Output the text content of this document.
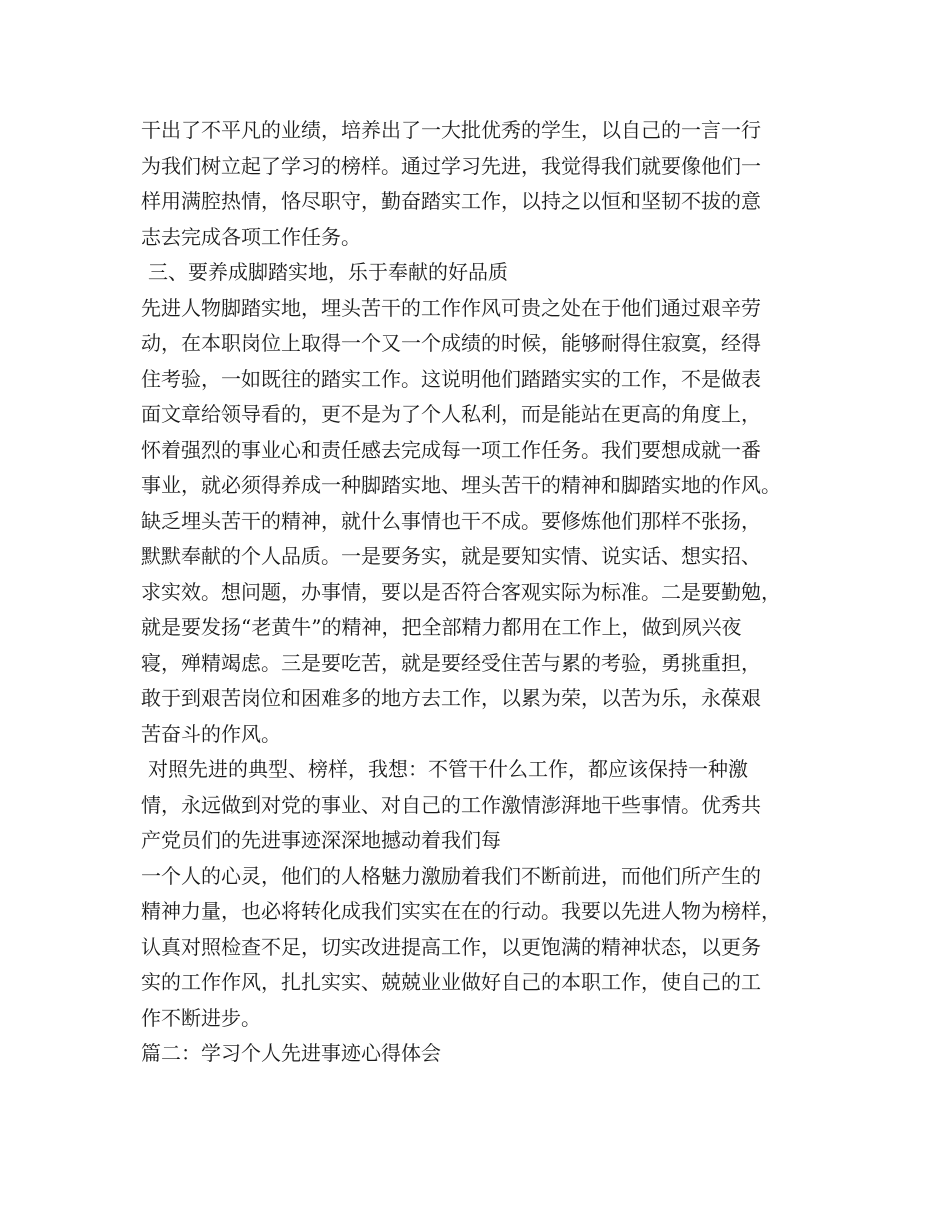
干出了不平凡的业绩，培养出了一大批优秀的学生，以自己的一言一行
为我们树立起了学习的榜样。通过学习先进，我觉得我们就要像他们一
样用满腔热情，恪尽职守，勤奋踏实工作，以持之以恒和坚韧不拔的意
志去完成各项工作任务。
三、要养成脚踏实地，乐于奉献的好品质
先进人物脚踏实地，埋头苦干的工作作风可贵之处在于他们通过艰辛劳
动，在本职岗位上取得一个又一个成绩的时候，能够耐得住寂寞，经得
住考验，一如既往的踏实工作。这说明他们踏踏实实的工作，不是做表
面文章给领导看的，更不是为了个人私利，而是能站在更高的角度上，
怀着强烈的事业心和责任感去完成每一项工作任务。我们要想成就一番
事业，就必须得养成一种脚踏实地、埋头苦干的精神和脚踏实地的作风。
缺乏埋头苦干的精神，就什么事情也干不成。要修炼他们那样不张扬，
默默奉献的个人品质。一是要务实，就是要知实情、说实话、想实招、
求实效。想问题，办事情，要以是否符合客观实际为标准。二是要勤勉，
就是要发扬“老黄牛”的精神，把全部精力都用在工作上，做到夙兴夜
寝，殚精竭虑。三是要吃苦，就是要经受住苦与累的考验，勇挑重担，
敢于到艰苦岗位和困难多的地方去工作，以累为荣，以苦为乐，永葆艰
苦奋斗的作风。
对照先进的典型、榜样，我想：不管干什么工作，都应该保持一种激
情，永远做到对党的事业、对自己的工作激情澎湃地干些事情。优秀共
产党员们的先进事迹深深地撼动着我们每
一个人的心灵，他们的人格魅力激励着我们不断前进，而他们所产生的
精神力量，也必将转化成我们实实在在的行动。我要以先进人物为榜样，
认真对照检查不足，切实改进提高工作，以更饱满的精神状态，以更务
实的工作作风，扎扎实实、兢兢业业做好自己的本职工作，使自己的工
作不断进步。
篇二：学习个人先进事迹心得体会
